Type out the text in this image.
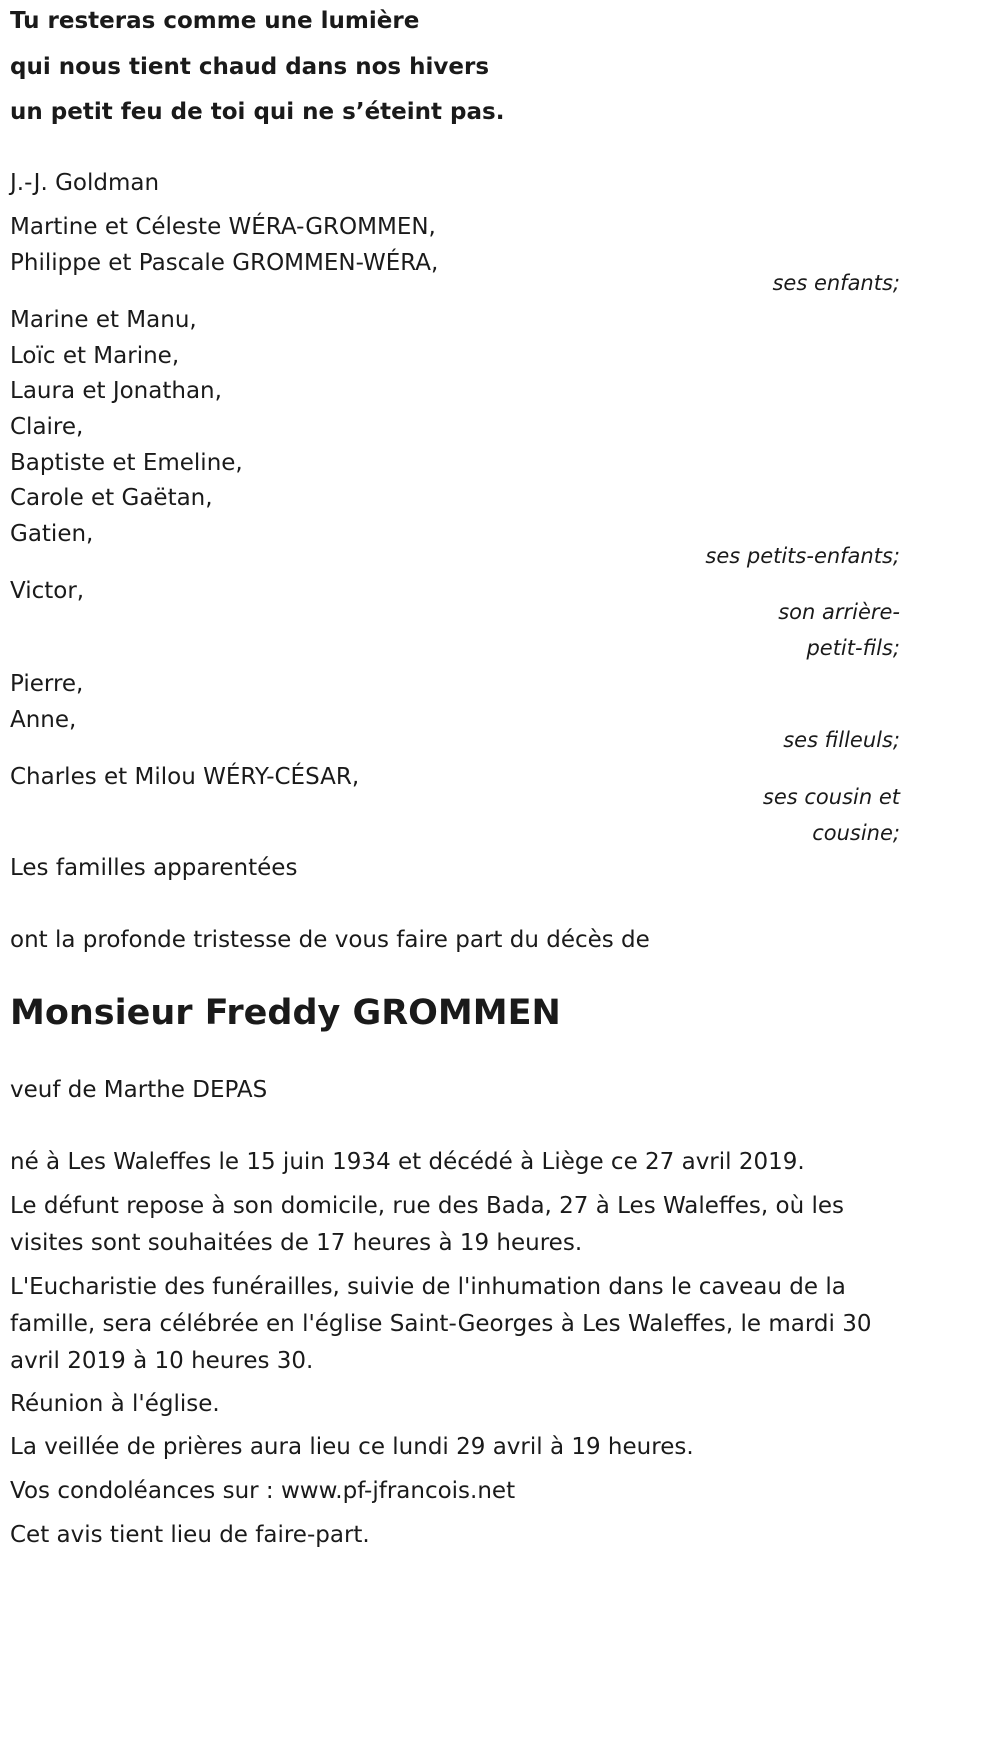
Tu resteras comme une lumière
qui nous tient chaud dans nos hivers
un petit feu de toi qui ne s’éteint pas.
J.-J. Goldman
Martine et Céleste WÉRA-GROMMEN,
Philippe et Pascale GROMMEN-WÉRA,
ses enfants;
Marine et Manu,
Loïc et Marine,
Laura et Jonathan,
Claire,
Baptiste et Emeline,
Carole et Gaëtan,
Gatien,
ses petits-enfants;
Victor,
son arrière-
petit-fils;
Pierre,
Anne,
ses filleuls;
Charles et Milou WÉRY-CÉSAR,
ses cousin et
cousine;
Les familles apparentées
ont la profonde tristesse de vous faire part du décès de
Monsieur Freddy GROMMEN
veuf de Marthe DEPAS
né à Les Waleffes le 15 juin 1934 et décédé à Liège ce 27 avril 2019.
Le défunt repose à son domicile, rue des Bada, 27 à Les Waleffes, où les visites sont souhaitées de 17 heures à 19 heures.
L'Eucharistie des funérailles, suivie de l'inhumation dans le caveau de la famille, sera célébrée en l'église Saint-Georges à Les Waleffes, le mardi 30 avril 2019 à 10 heures 30.
Réunion à l'église.
La veillée de prières aura lieu ce lundi 29 avril à 19 heures.
Vos condoléances sur : www.pf-jfrancois.net
Cet avis tient lieu de faire-part.
